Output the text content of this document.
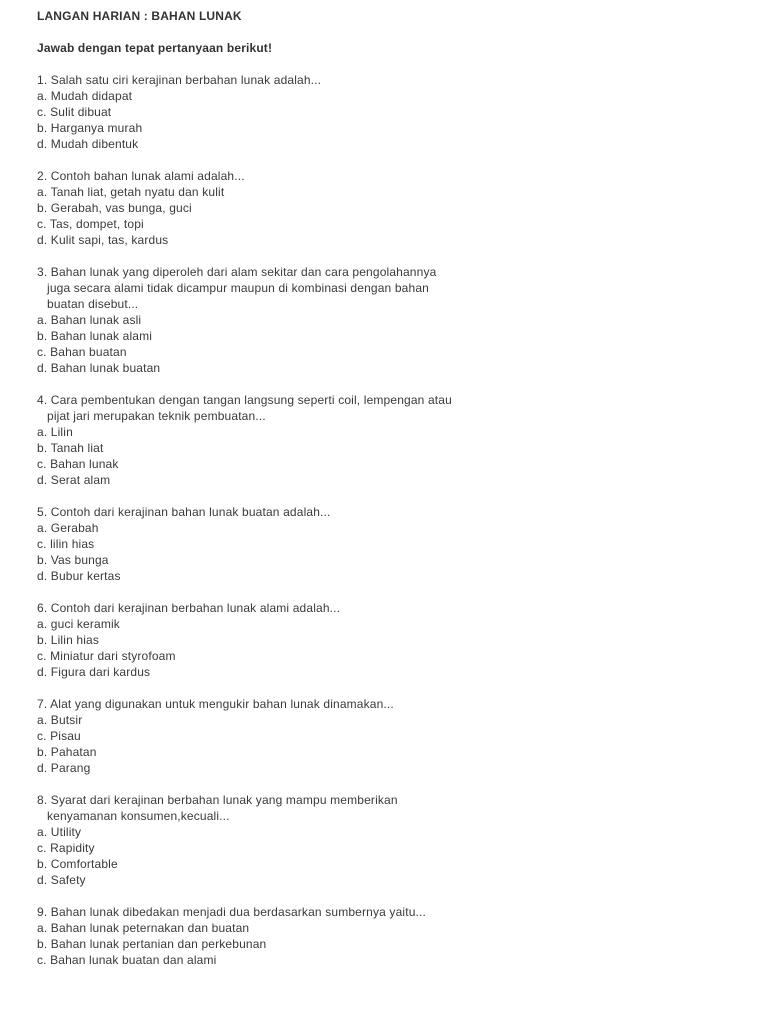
LANGAN HARIAN : BAHAN LUNAK
Jawab dengan tepat pertanyaan berikut!
1. Salah satu ciri kerajinan berbahan lunak adalah...
a. Mudah didapat
c. Sulit dibuat
b. Harganya murah
d. Mudah dibentuk
2. Contoh bahan lunak alami adalah...
a. Tanah liat, getah nyatu dan kulit
b. Gerabah, vas bunga, guci
c. Tas, dompet, topi
d. Kulit sapi, tas, kardus
3. Bahan lunak yang diperoleh dari alam sekitar dan cara pengolahannya
juga secara alami tidak dicampur maupun di kombinasi dengan bahan
buatan disebut...
a. Bahan lunak asli
b. Bahan lunak alami
c. Bahan buatan
d. Bahan lunak buatan
4. Cara pembentukan dengan tangan langsung seperti coil, lempengan atau
pijat jari merupakan teknik pembuatan...
a. Lilin
b. Tanah liat
c. Bahan lunak
d. Serat alam
5. Contoh dari kerajinan bahan lunak buatan adalah...
a. Gerabah
c. lilin hias
b. Vas bunga
d. Bubur kertas
6. Contoh dari kerajinan berbahan lunak alami adalah...
a. guci keramik
b. Lilin hias
c. Miniatur dari styrofoam
d. Figura dari kardus
7. Alat yang digunakan untuk mengukir bahan lunak dinamakan...
a. Butsir
c. Pisau
b. Pahatan
d. Parang
8. Syarat dari kerajinan berbahan lunak yang mampu memberikan
kenyamanan konsumen,kecuali...
a. Utility
c. Rapidity
b. Comfortable
d. Safety
9. Bahan lunak dibedakan menjadi dua berdasarkan sumbernya yaitu...
a. Bahan lunak peternakan dan buatan
b. Bahan lunak pertanian dan perkebunan
c. Bahan lunak buatan dan alami
